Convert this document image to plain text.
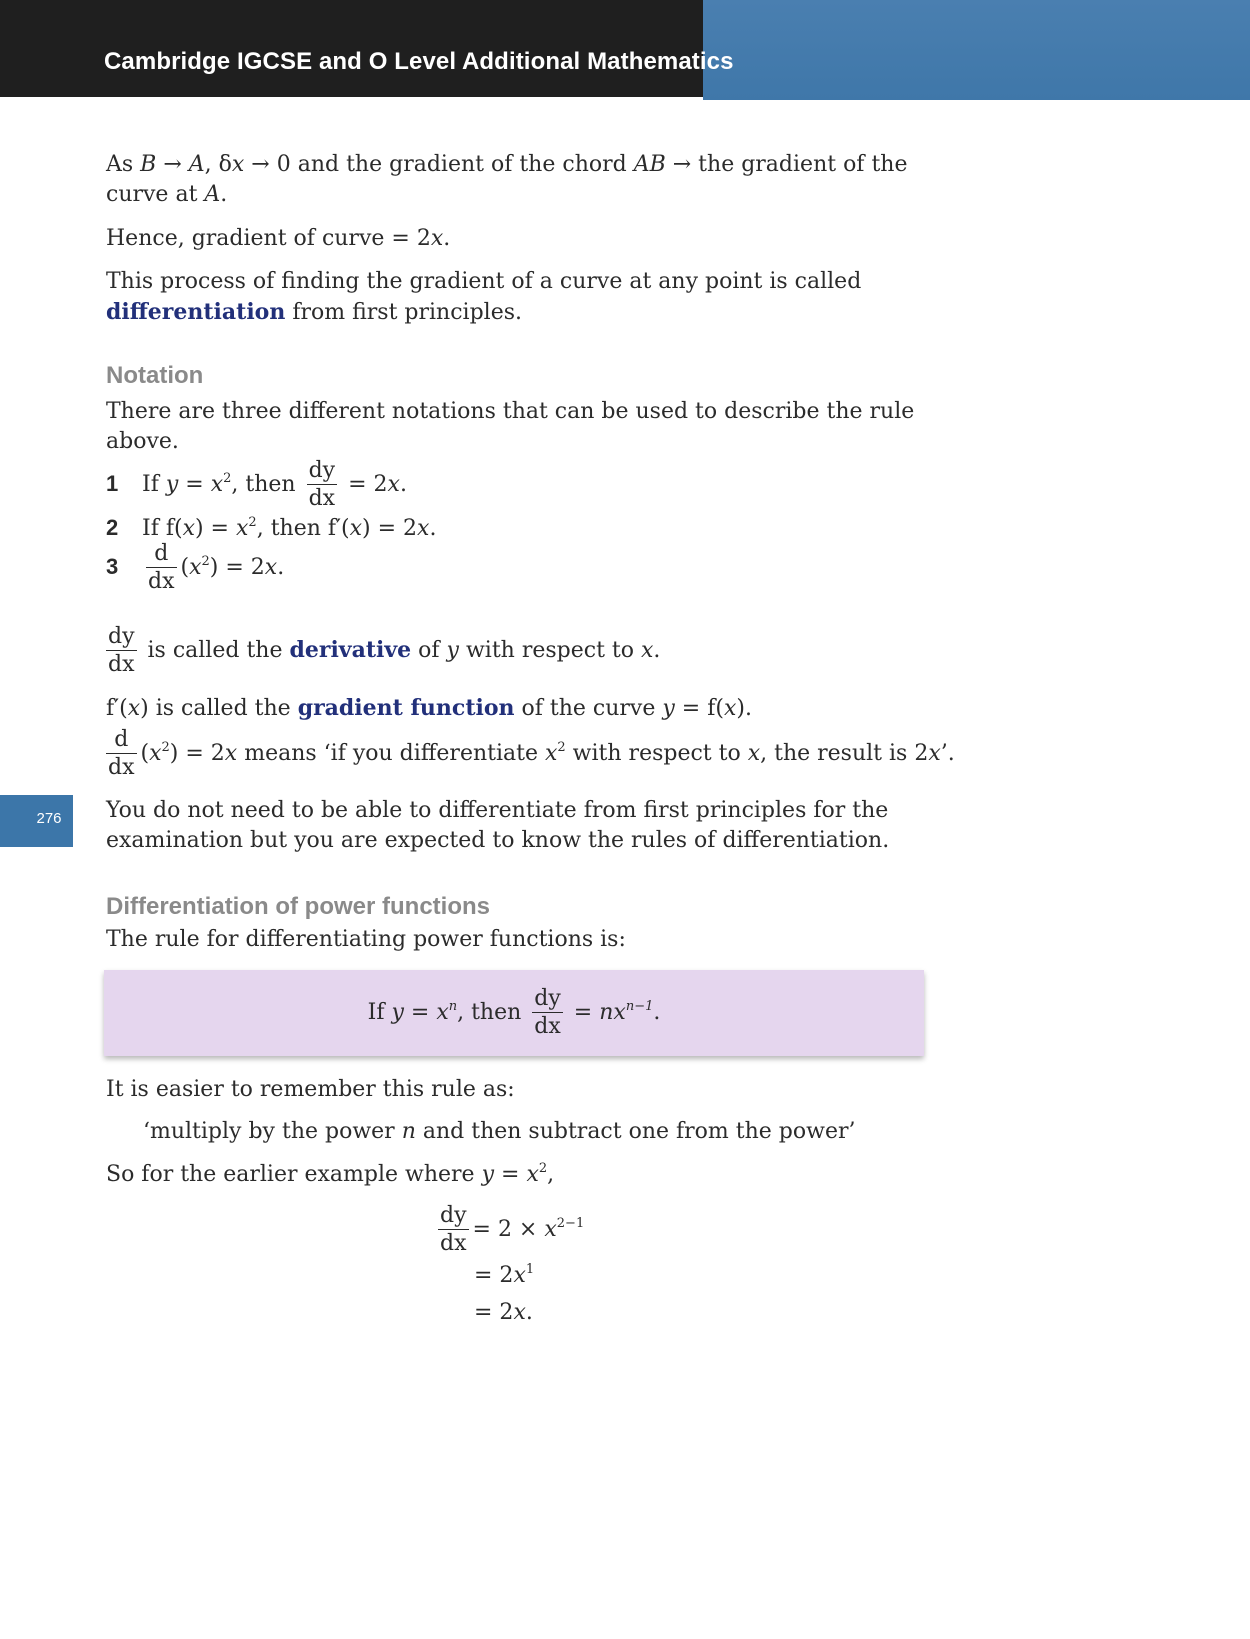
Cambridge IGCSE and O Level Additional Mathematics
276

As B → A, δx → 0 and the gradient of the chord AB → the gradient of the

curve at A.

Hence, gradient of curve = 2x.

This process of finding the gradient of a curve at any point is called

differentiation from first principles.

Notation

There are three different notations that can be used to describe the rule

above.

1 If $y = x^2$, then $\frac{dy}{dx} = 2x$.

2 If $f(x) = x^2$, then f′(x) = 2x.

$3 \frac{d}{dx} (x^2) = 2x$.

$\frac{dy}{dx}$ is called the derivative of y with respect to x.

f′(x) is called the gradient function of the curve y = f(x).

$\frac{d}{dx} (x^2) = 2x$ means ‘if you differentiate $x^2$ with respect to x, the result is 2x’.

You do not need to be able to differentiate from first principles for the

examination but you are expected to know the rules of differentiation.

Differentiation of power functions

The rule for differentiating power functions is:

If $y = x^n$, then $\frac{dy}{dx} = nx^{n-1}$.

It is easier to remember this rule as:

‘multiply by the power n and then subtract one from the power’

So for the earlier example where $y = x^2$,

$\frac{dy}{dx} = 2 \times x^{2-1}$

= $2x^1$

= 2x.
